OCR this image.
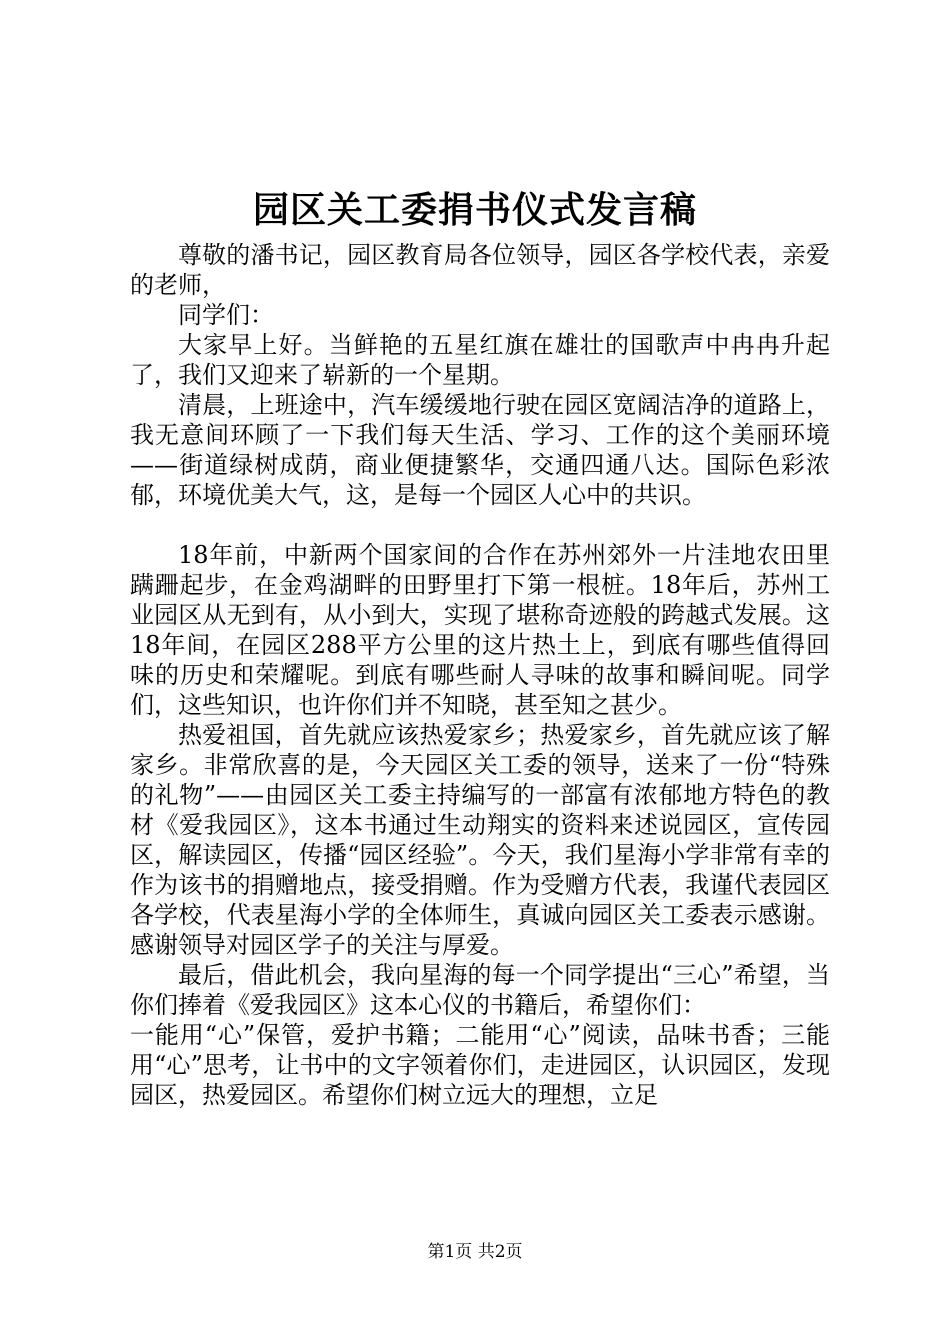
园区关工委捐书仪式发言稿

尊敬的潘书记，园区教育局各位领导，园区各学校代表，亲爱的老师，

同学们：

大家早上好。当鲜艳的五星红旗在雄壮的国歌声中冉冉升起了，我们又迎来了崭新的一个星期。

清晨，上班途中，汽车缓缓地行驶在园区宽阔洁净的道路上，我无意间环顾了一下我们每天生活、学习、工作的这个美丽环境——街道绿树成荫，商业便捷繁华，交通四通八达。国际色彩浓郁，环境优美大气，这，是每一个园区人心中的共识。

18年前，中新两个国家间的合作在苏州郊外一片洼地农田里蹒跚起步，在金鸡湖畔的田野里打下第一根桩。18年后，苏州工业园区从无到有，从小到大，实现了堪称奇迹般的跨越式发展。这18年间，在园区288平方公里的这片热土上，到底有哪些值得回味的历史和荣耀呢。到底有哪些耐人寻味的故事和瞬间呢。同学们，这些知识，也许你们并不知晓，甚至知之甚少。

热爱祖国，首先就应该热爱家乡；热爱家乡，首先就应该了解家乡。非常欣喜的是，今天园区关工委的领导，送来了一份“特殊的礼物”——由园区关工委主持编写的一部富有浓郁地方特色的教材《爱我园区》，这本书通过生动翔实的资料来述说园区，宣传园区，解读园区，传播“园区经验”。今天，我们星海小学非常有幸的作为该书的捐赠地点，接受捐赠。作为受赠方代表，我谨代表园区各学校，代表星海小学的全体师生，真诚向园区关工委表示感谢。感谢领导对园区学子的关注与厚爱。

最后，借此机会，我向星海的每一个同学提出“三心”希望，当你们捧着《爱我园区》这本心仪的书籍后，希望你们：

一能用“心”保管，爱护书籍；二能用“心”阅读，品味书香；三能用“心”思考，让书中的文字领着你们，走进园区，认识园区，发现园区，热爱园区。希望你们树立远大的理想，立足

第1页 共2页
